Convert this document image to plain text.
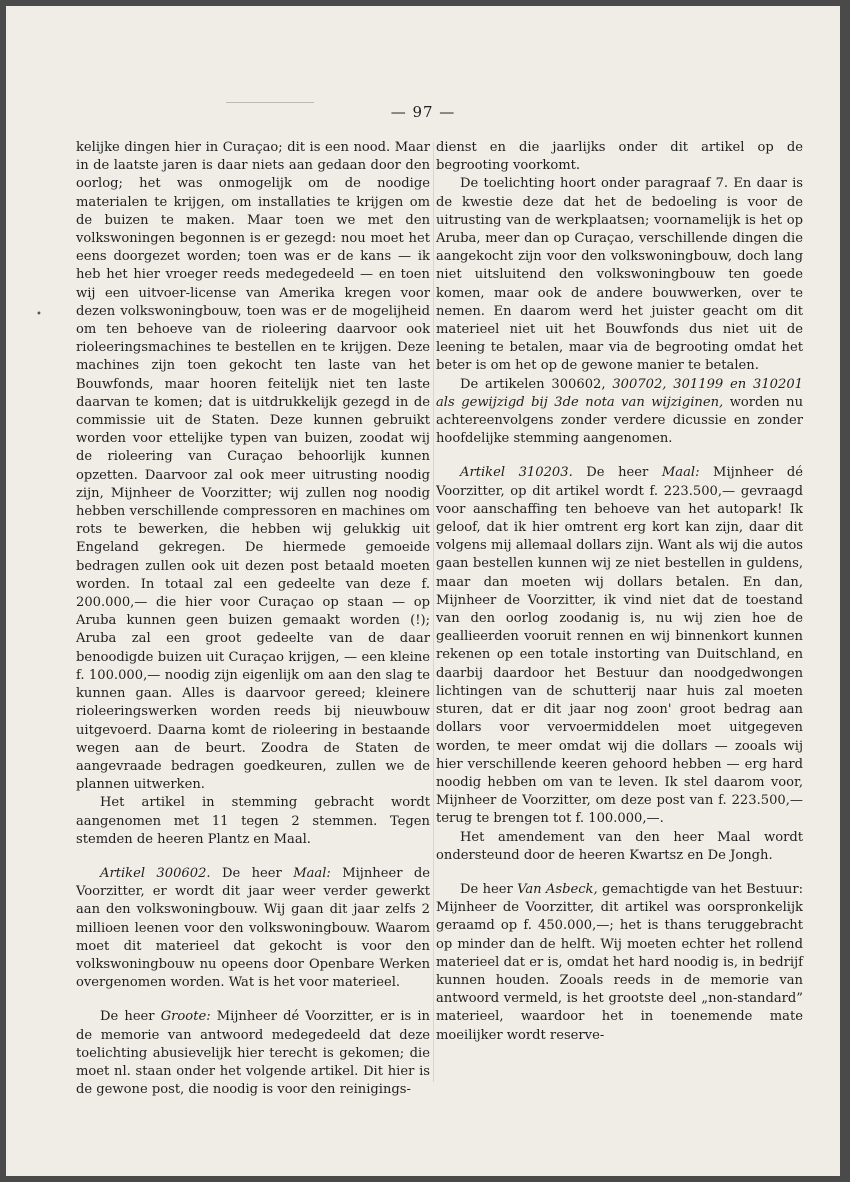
— 97 —
•

kelijke dingen hier in Curaçao; dit is een nood. Maar in de laatste jaren is daar niets aan gedaan door den oorlog; het was onmogelijk om de noodige materialen te krijgen, om installaties te krijgen om de buizen te maken. Maar toen we met den volkswoningen begonnen is er gezegd: nou moet het eens doorgezet worden; toen was er de kans — ik heb het hier vroeger reeds medegedeeld — en toen wij een uitvoer-license van Amerika kregen voor dezen volkswoningbouw, toen was er de mogelijheid om ten behoeve van de rioleering daarvoor ook rioleeringsmachines te bestellen en te krijgen. Deze machines zijn toen gekocht ten laste van het Bouwfonds, maar hooren feitelijk niet ten laste daarvan te komen; dat is uitdrukkelijk gezegd in de commissie uit de Staten. Deze kunnen gebruikt worden voor ettelijke typen van buizen, zoodat wij de rioleering van Curaçao behoorlijk kunnen opzetten. Daarvoor zal ook meer uitrusting noodig zijn, Mijnheer de Voorzitter; wij zullen nog noodig hebben verschillende compressoren en machines om rots te bewerken, die hebben wij gelukkig uit Engeland gekregen. De hiermede gemoeide bedragen zullen ook uit dezen post betaald moeten worden. In totaal zal een gedeelte van deze f. 200.000,— die hier voor Curaçao op staan — op Aruba kunnen geen buizen gemaakt worden (!); Aruba zal een groot gedeelte van de daar benoodigde buizen uit Curaçao krijgen, — een kleine f. 100.000,— noodig zijn eigenlijk om aan den slag te kunnen gaan. Alles is daarvoor gereed; kleinere rioleeringswerken worden reeds bij nieuwbouw uitgevoerd. Daarna komt de rioleering in bestaande wegen aan de beurt. Zoodra de Staten de aangevraade bedragen goedkeuren, zullen we de plannen uitwerken.

Het artikel in stemming gebracht wordt aangenomen met 11 tegen 2 stemmen. Tegen stemden de heeren Plantz en Maal.

Artikel 300602. De heer Maal: Mijnheer de Voorzitter, er wordt dit jaar weer verder gewerkt aan den volkswoningbouw. Wij gaan dit jaar zelfs 2 millioen leenen voor den volkswoningbouw. Waarom moet dit materieel dat gekocht is voor den volkswoningbouw nu opeens door Openbare Werken overgenomen worden. Wat is het voor materieel.

De heer Groote: Mijnheer dé Voorzitter, er is in de memorie van antwoord medegedeeld dat deze toelichting abusievelijk hier terecht is gekomen; die moet nl. staan onder het volgende artikel. Dit hier is de gewone post, die noodig is voor den reinigings-

dienst en die jaarlijks onder dit artikel op de begrooting voorkomt.

De toelichting hoort onder paragraaf 7. En daar is de kwestie deze dat het de bedoeling is voor de uitrusting van de werkplaatsen; voornamelijk is het op Aruba, meer dan op Curaçao, verschillende dingen die aangekocht zijn voor den volkswoningbouw, doch lang niet uitsluitend den volkswoningbouw ten goede komen, maar ook de andere bouwwerken, over te nemen. En daarom werd het juister geacht om dit materieel niet uit het Bouwfonds dus niet uit de leening te betalen, maar via de begrooting omdat het beter is om het op de gewone manier te betalen.

De artikelen 300602, 300702, 301199 en 310201 als gewijzigd bij 3de nota van wijziginen, worden nu achtereenvolgens zonder verdere dicussie en zonder hoofdelijke stemming aangenomen.

Artikel 310203. De heer Maal: Mijnheer dé Voorzitter, op dit artikel wordt f. 223.500,— gevraagd voor aanschaffing ten behoeve van het autopark! Ik geloof, dat ik hier omtrent erg kort kan zijn, daar dit volgens mij allemaal dollars zijn. Want als wij die autos gaan bestellen kunnen wij ze niet bestellen in guldens, maar dan moeten wij dollars betalen. En dan, Mijnheer de Voorzitter, ik vind niet dat de toestand van den oorlog zoodanig is, nu wij zien hoe de geallieerden vooruit rennen en wij binnenkort kunnen rekenen op een totale instorting van Duitschland, en daarbij daardoor het Bestuur dan noodgedwongen lichtingen van de schutterij naar huis zal moeten sturen, dat er dit jaar nog zoon' groot bedrag aan dollars voor vervoermiddelen moet uitgegeven worden, te meer omdat wij die dollars — zooals wij hier verschillende keeren gehoord hebben — erg hard noodig hebben om van te leven. Ik stel daarom voor, Mijnheer de Voorzitter, om deze post van f. 223.500,— terug te brengen tot f. 100.000,—.

Het amendement van den heer Maal wordt ondersteund door de heeren Kwartsz en De Jongh.

De heer Van Asbeck, gemachtigde van het Bestuur: Mijnheer de Voorzitter, dit artikel was oorspronkelijk geraamd op f. 450.000,—; het is thans teruggebracht op minder dan de helft. Wij moeten echter het rollend materieel dat er is, omdat het hard noodig is, in bedrijf kunnen houden. Zooals reeds in de memorie van antwoord vermeld, is het grootste deel „non-standard” materieel, waardoor het in toenemende mate moeilijker wordt reserve-
